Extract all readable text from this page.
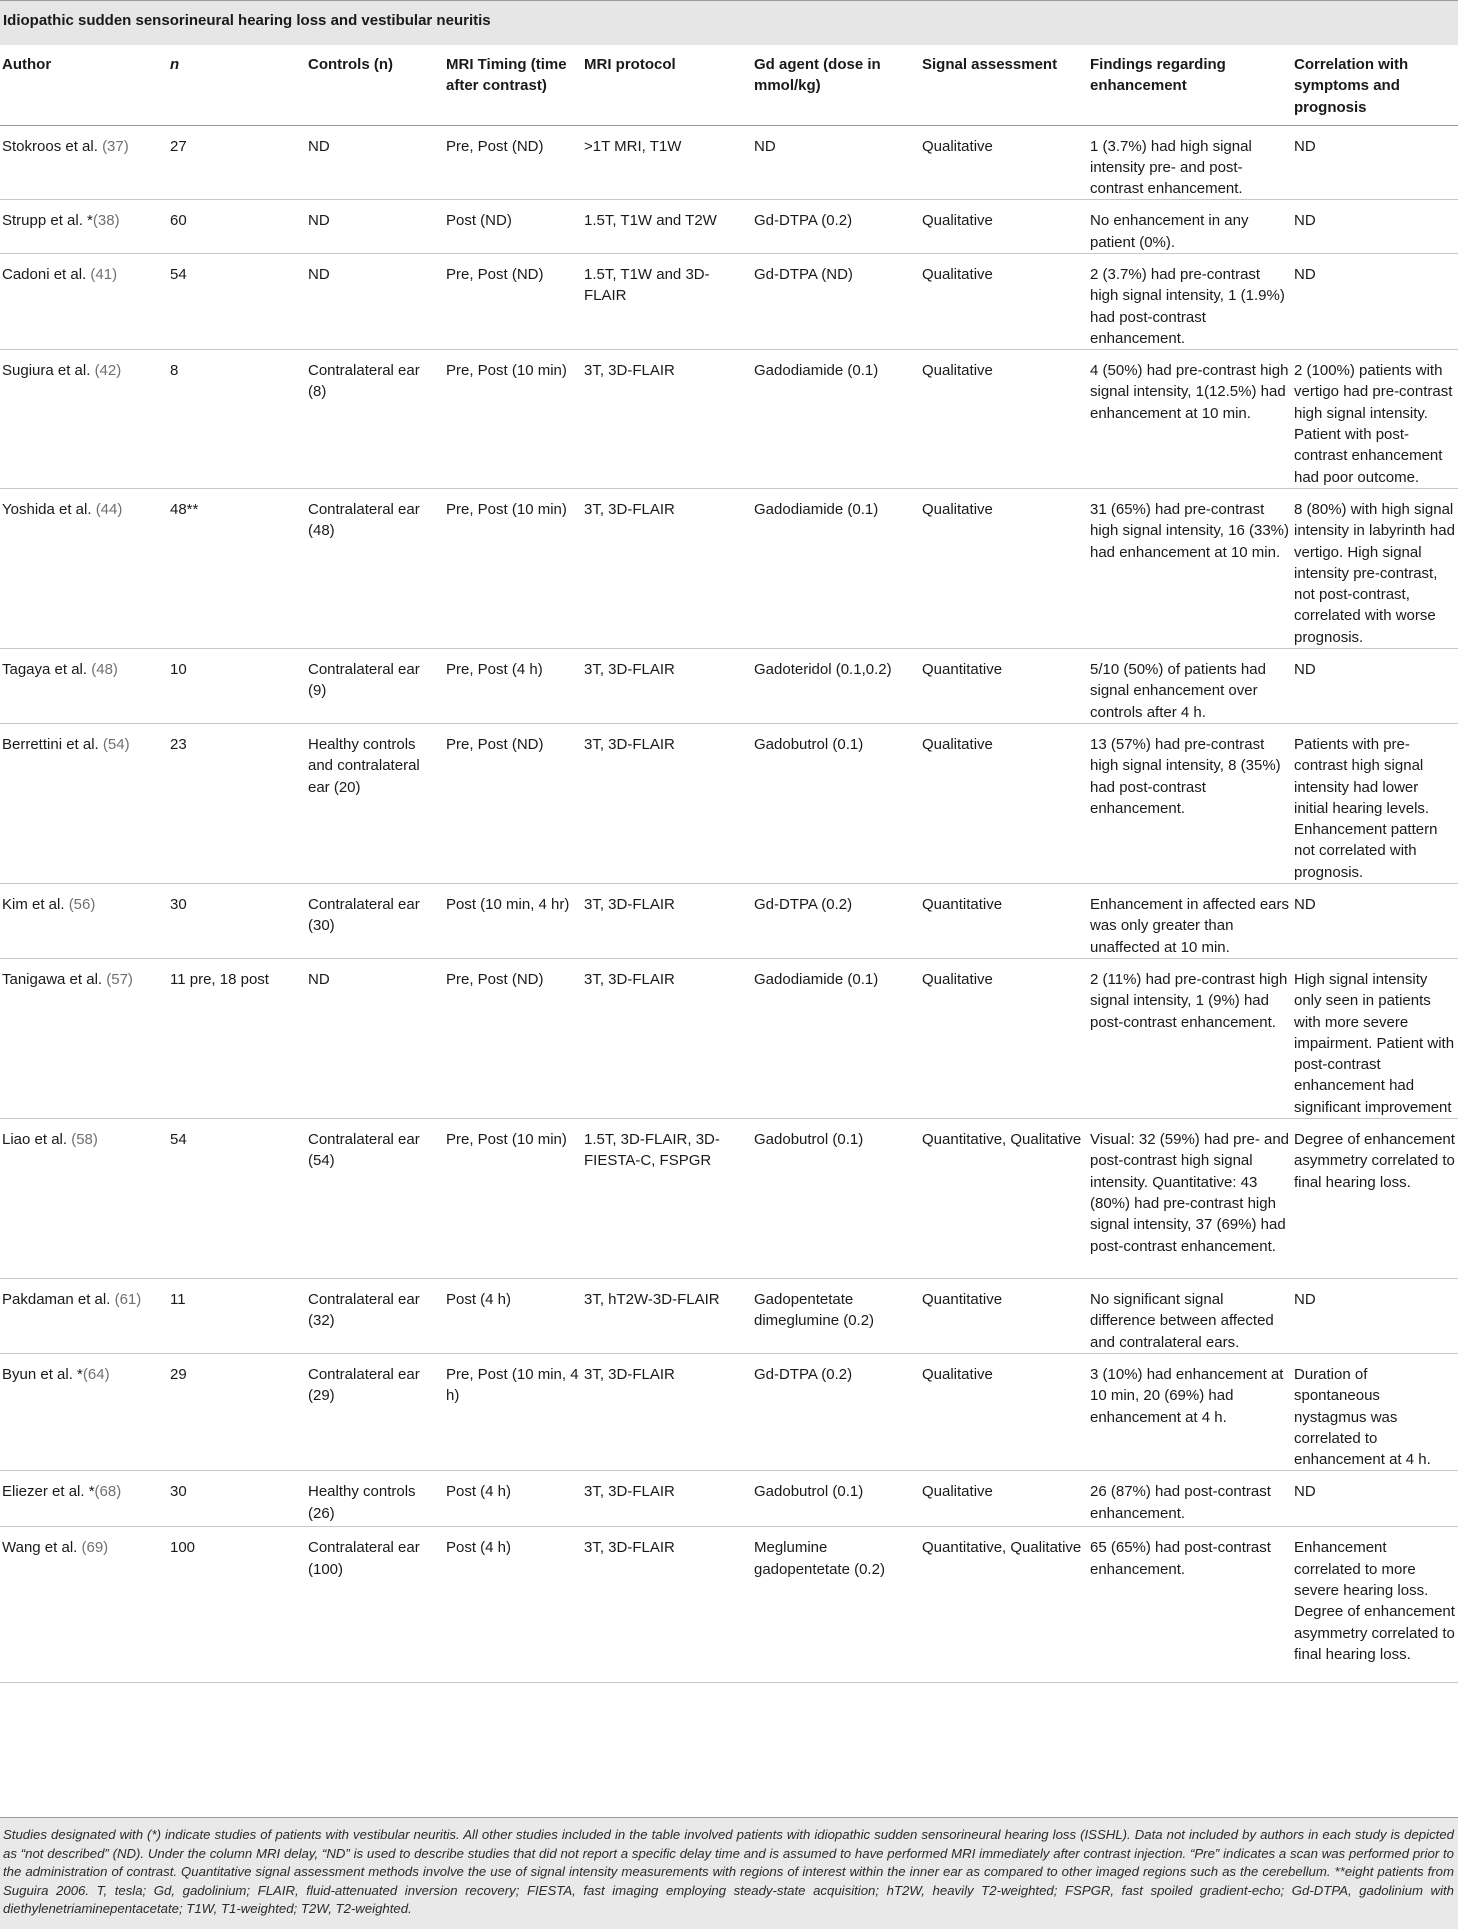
Idiopathic sudden sensorineural hearing loss and vestibular neuritis
Author	n	Controls (n)	MRI Timing (time after contrast)	MRI protocol	Gd agent (dose in mmol/kg)	Signal assessment	Findings regarding enhancement	Correlation with symptoms and prognosis
Stokroos et al. (37)	27	ND	Pre, Post (ND)	>1T MRI, T1W	ND	Qualitative	1 (3.7%) had high signal intensity pre- and post-contrast enhancement.	ND
Strupp et al. *(38)	60	ND	Post (ND)	1.5T, T1W and T2W	Gd-DTPA (0.2)	Qualitative	No enhancement in any patient (0%).	ND
Cadoni et al. (41)	54	ND	Pre, Post (ND)	1.5T, T1W and 3D-FLAIR	Gd-DTPA (ND)	Qualitative	2 (3.7%) had pre-contrast high signal intensity, 1 (1.9%) had post-contrast enhancement.	ND
Sugiura et al. (42)	8	Contralateral ear (8)	Pre, Post (10 min)	3T, 3D-FLAIR	Gadodiamide (0.1)	Qualitative	4 (50%) had pre-contrast high signal intensity, 1(12.5%) had enhancement at 10 min.	2 (100%) patients with vertigo had pre-contrast high signal intensity. Patient with post-contrast enhancement had poor outcome.
Yoshida et al. (44)	48**	Contralateral ear (48)	Pre, Post (10 min)	3T, 3D-FLAIR	Gadodiamide (0.1)	Qualitative	31 (65%) had pre-contrast high signal intensity, 16 (33%) had enhancement at 10 min.	8 (80%) with high signal intensity in labyrinth had vertigo. High signal intensity pre-contrast, not post-contrast, correlated with worse prognosis.
Tagaya et al. (48)	10	Contralateral ear (9)	Pre, Post (4 h)	3T, 3D-FLAIR	Gadoteridol (0.1,0.2)	Quantitative	5/10 (50%) of patients had signal enhancement over controls after 4 h.	ND
Berrettini et al. (54)	23	Healthy controls and contralateral ear (20)	Pre, Post (ND)	3T, 3D-FLAIR	Gadobutrol (0.1)	Qualitative	13 (57%) had pre-contrast high signal intensity, 8 (35%) had post-contrast enhancement.	Patients with pre-contrast high signal intensity had lower initial hearing levels. Enhancement pattern not correlated with prognosis.
Kim et al. (56)	30	Contralateral ear (30)	Post (10 min, 4 hr)	3T, 3D-FLAIR	Gd-DTPA (0.2)	Quantitative	Enhancement in affected ears was only greater than unaffected at 10 min.	ND
Tanigawa et al. (57)	11 pre, 18 post	ND	Pre, Post (ND)	3T, 3D-FLAIR	Gadodiamide (0.1)	Qualitative	2 (11%) had pre-contrast high signal intensity, 1 (9%) had post-contrast enhancement.	High signal intensity only seen in patients with more severe impairment. Patient with post-contrast enhancement had significant improvement
Liao et al. (58)	54	Contralateral ear (54)	Pre, Post (10 min)	1.5T, 3D-FLAIR, 3D-FIESTA-C, FSPGR	Gadobutrol (0.1)	Quantitative, Qualitative	Visual: 32 (59%) had pre- and post-contrast high signal intensity. Quantitative: 43 (80%) had pre-contrast high signal intensity, 37 (69%) had post-contrast enhancement.	Degree of enhancement asymmetry correlated to final hearing loss.
Pakdaman et al. (61)	11	Contralateral ear (32)	Post (4 h)	3T, hT2W-3D-FLAIR	Gadopentetate dimeglumine (0.2)	Quantitative	No significant signal difference between affected and contralateral ears.	ND
Byun et al. *(64)	29	Contralateral ear (29)	Pre, Post (10 min, 4 h)	3T, 3D-FLAIR	Gd-DTPA (0.2)	Qualitative	3 (10%) had enhancement at 10 min, 20 (69%) had enhancement at 4 h.	Duration of spontaneous nystagmus was correlated to enhancement at 4 h.
Eliezer et al. *(68)	30	Healthy controls (26)	Post (4 h)	3T, 3D-FLAIR	Gadobutrol (0.1)	Qualitative	26 (87%) had post-contrast enhancement.	ND
Wang et al. (69)	100	Contralateral ear (100)	Post (4 h)	3T, 3D-FLAIR	Meglumine gadopentetate (0.2)	Quantitative, Qualitative	65 (65%) had post-contrast enhancement.	Enhancement correlated to more severe hearing loss. Degree of enhancement asymmetry correlated to final hearing loss.
Studies designated with (*) indicate studies of patients with vestibular neuritis. All other studies included in the table involved patients with idiopathic sudden sensorineural hearing loss (ISSHL). Data not included by authors in each study is depicted as “not described” (ND). Under the column MRI delay, “ND” is used to describe studies that did not report a specific delay time and is assumed to have performed MRI immediately after contrast injection. “Pre” indicates a scan was performed prior to the administration of contrast. Quantitative signal assessment methods involve the use of signal intensity measurements with regions of interest within the inner ear as compared to other imaged regions such as the cerebellum. **eight patients from Suguira 2006. T, tesla; Gd, gadolinium; FLAIR, fluid-attenuated inversion recovery; FIESTA, fast imaging employing steady-state acquisition; hT2W, heavily T2-weighted; FSPGR, fast spoiled gradient-echo; Gd-DTPA, gadolinium with diethylenetriaminepentacetate; T1W, T1-weighted; T2W, T2-weighted.
